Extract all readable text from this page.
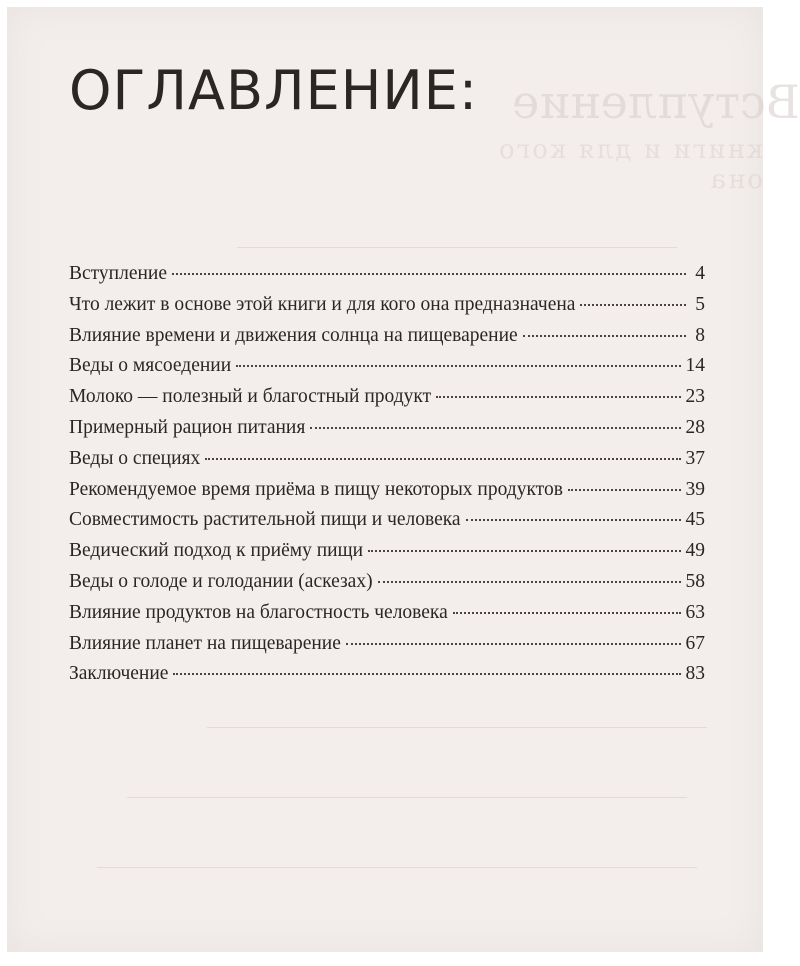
Вступление
книги и для кого она
ОГЛАВЛЕНИЕ:
Вступление	4
Что лежит в основе этой книги и для кого она предназначена	5
Влияние времени и движения солнца на пищеварение	8
Веды о мясоедении	14
Молоко — полезный и благостный продукт	23
Примерный рацион питания	28
Веды о специях	37
Рекомендуемое время приёма в пищу некоторых продуктов	39
Совместимость растительной пищи и человека	45
Ведический подход к приёму пищи	49
Веды о голоде и голодании (аскезах)	58
Влияние продуктов на благостность человека	63
Влияние планет на пищеварение	67
Заключение	83
